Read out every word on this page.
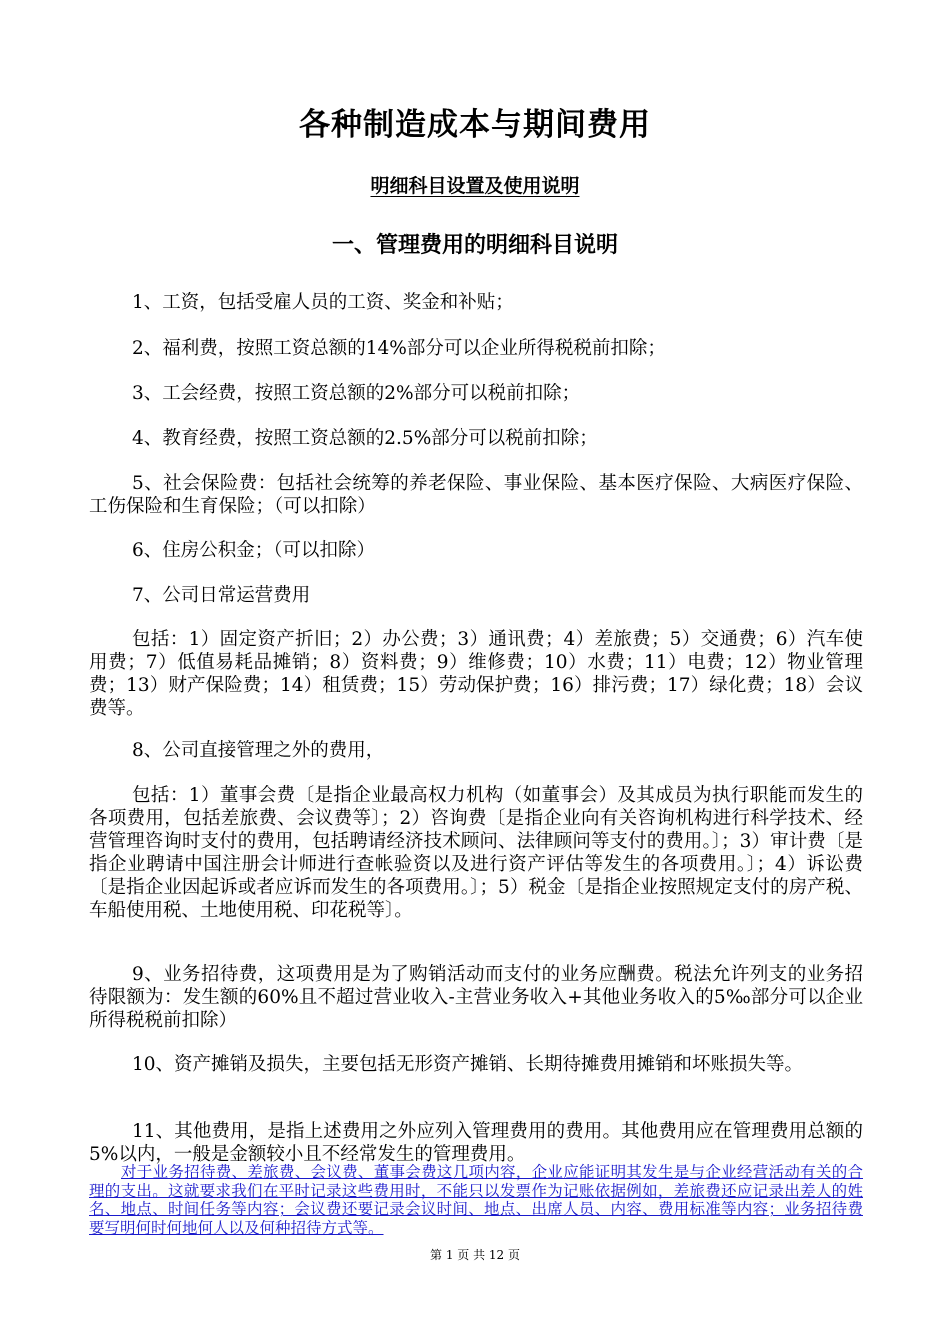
各种制造成本与期间费用
明细科目设置及使用说明
一、管理费用的明细科目说明

1、工资，包括受雇人员的工资、奖金和补贴；

2、福利费，按照工资总额的14%部分可以企业所得税税前扣除；

3、工会经费，按照工资总额的2%部分可以税前扣除；

4、教育经费，按照工资总额的2.5%部分可以税前扣除；

5、社会保险费：包括社会统筹的养老保险、事业保险、基本医疗保险、大病医疗保险、工伤保险和生育保险；（可以扣除）

6、住房公积金；（可以扣除）

7、公司日常运营费用

包括：1）固定资产折旧；2）办公费；3）通讯费；4）差旅费；5）交通费；6）汽车使用费；7）低值易耗品摊销；8）资料费；9）维修费；10）水费；11）电费；12）物业管理费；13）财产保险费；14）租赁费；15）劳动保护费；16）排污费；17）绿化费；18）会议费等。

8、公司直接管理之外的费用，

包括：1）董事会费〔是指企业最高权力机构（如董事会）及其成员为执行职能而发生的各项费用，包括差旅费、会议费等〕；2）咨询费〔是指企业向有关咨询机构进行科学技术、经营管理咨询时支付的费用，包括聘请经济技术顾问、法律顾问等支付的费用。〕；3）审计费〔是指企业聘请中国注册会计师进行查帐验资以及进行资产评估等发生的各项费用。〕；4）诉讼费〔是指企业因起诉或者应诉而发生的各项费用。〕；5）税金〔是指企业按照规定支付的房产税、车船使用税、土地使用税、印花税等〕。

9、业务招待费，这项费用是为了购销活动而支付的业务应酬费。税法允许列支的业务招待限额为：发生额的60%且不超过营业收入-主营业务收入+其他业务收入的5‰部分可以企业所得税税前扣除）

10、资产摊销及损失，主要包括无形资产摊销、长期待摊费用摊销和坏账损失等。

11、其他费用，是指上述费用之外应列入管理费用的费用。其他费用应在管理费用总额的5%以内，一般是金额较小且不经常发生的管理费用。

对于业务招待费、差旅费、会议费、董事会费这几项内容，企业应能证明其发生是与企业经营活动有关的合理的支出。这就要求我们在平时记录这些费用时，不能只以发票作为记账依据例如，差旅费还应记录出差人的姓名、地点、时间任务等内容；会议费还要记录会议时间、地点、出席人员、内容、费用标准等内容；业务招待费要写明何时何地何人以及何种招待方式等。

第 1 页 共 12 页
